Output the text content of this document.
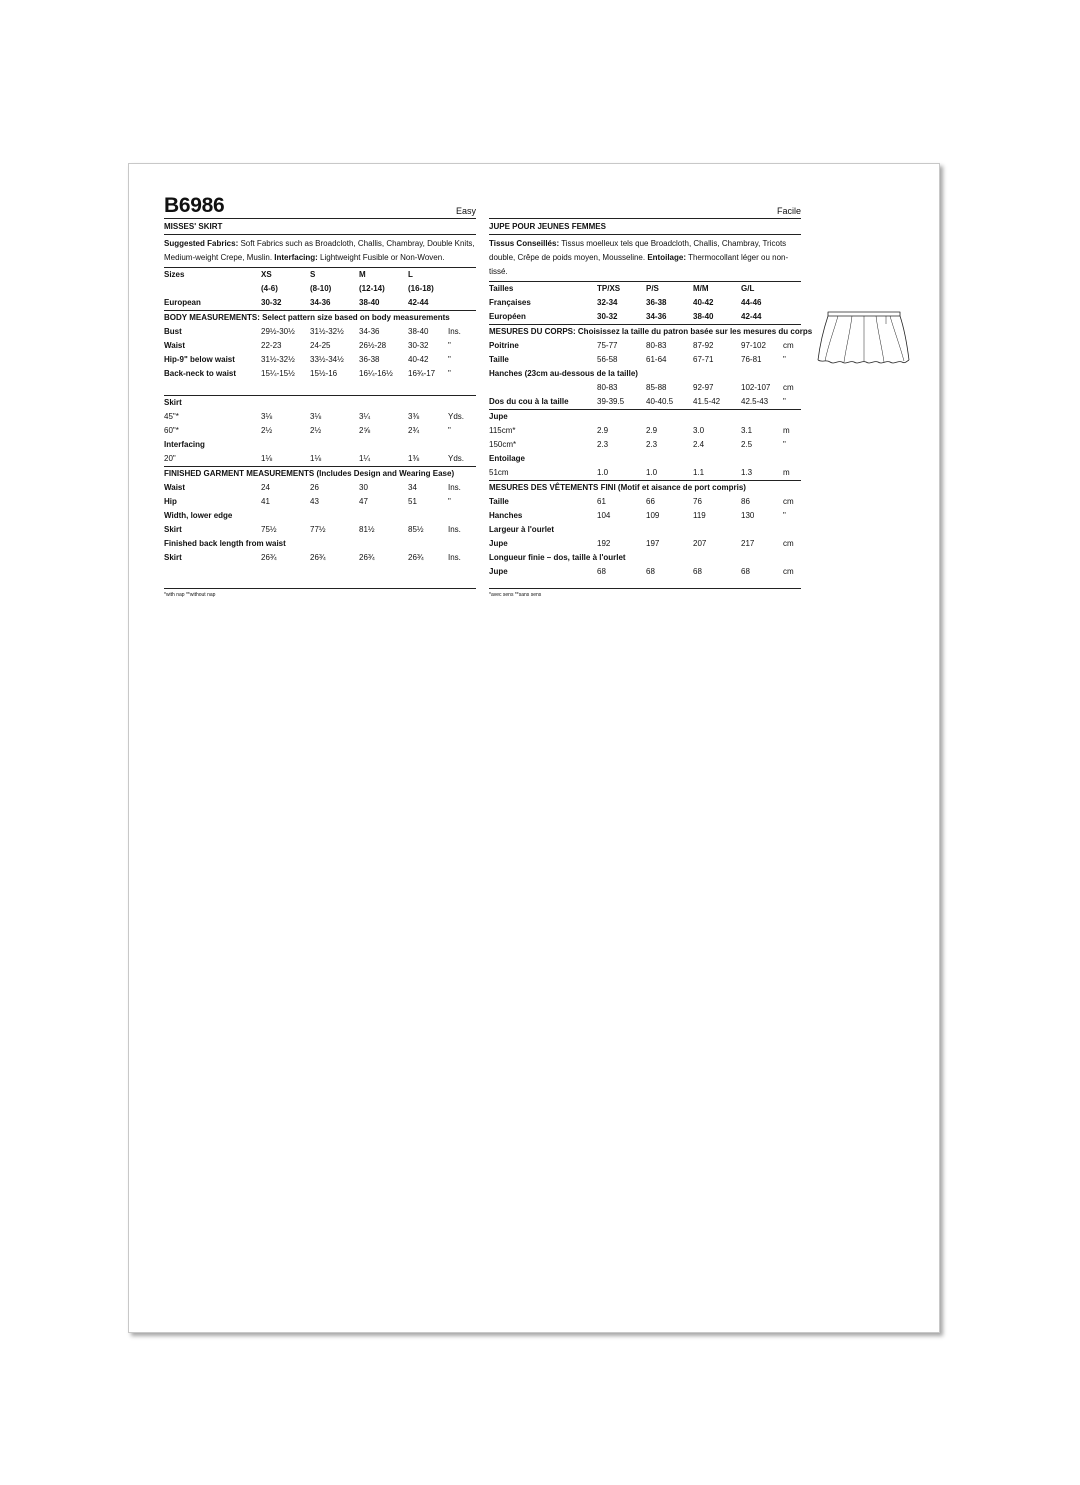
B6986	Easy
MISSES' SKIRT
Suggested Fabrics: Soft Fabrics such as Broadcloth, Challis, Chambray, Double Knits, Medium-weight Crepe, Muslin. Interfacing: Lightweight Fusible or Non-Woven.
Sizes	XS	S	M	L	
	(4-6)	(8-10)	(12-14)	(16-18)	
European	30-32	34-36	38-40	42-44	
BODY MEASUREMENTS: Select pattern size based on body measurements					
Bust	29½-30½	31½-32½	34-36	38-40	Ins.
Waist	22-23	24-25	26½-28	30-32	"
Hip-9" below waist	31½-32½	33½-34½	36-38	40-42	"
Back-neck to waist	15¼-15½	15½-16	16¼-16½	16¾-17	"

Skirt					
45"*	3⅛	3⅛	3¼	3⅜	Yds.
60"*	2½	2½	2⅝	2¾	"
Interfacing					
20"	1⅛	1⅛	1¼	1⅜	Yds.
FINISHED GARMENT MEASUREMENTS (Includes Design and Wearing Ease)					
Waist	24	26	30	34	Ins.
Hip	41	43	47	51	"
Width, lower edge					
Skirt	75½	77½	81½	85½	Ins.
Finished back length from waist					
Skirt	26¾	26¾	26¾	26¾	Ins.
*with nap **without nap
Facile
JUPE POUR JEUNES FEMMES
Tissus Conseillés: Tissus moelleux tels que Broadcloth, Challis, Chambray, Tricots double, Crêpe de poids moyen, Mousseline. Entoilage: Thermocollant léger ou non-tissé.
Tailles	TP/XS	P/S	M/M	G/L	
Françaises	32-34	36-38	40-42	44-46	
Européen	30-32	34-36	38-40	42-44	
MESURES DU CORPS: Choisissez la taille du patron basée sur les mesures du corps					
Poitrine	75-77	80-83	87-92	97-102	cm
Taille	56-58	61-64	67-71	76-81	"
Hanches (23cm au-dessous de la taille)					
	80-83	85-88	92-97	102-107	cm
Dos du cou à la taille	39-39.5	40-40.5	41.5-42	42.5-43	"
Jupe					
115cm*	2.9	2.9	3.0	3.1	m
150cm*	2.3	2.3	2.4	2.5	"
Entoilage					
51cm	1.0	1.0	1.1	1.3	m
MESURES DES VÊTEMENTS FINI (Motif et aisance de port compris)					
Taille	61	66	76	86	cm
Hanches	104	109	119	130	"
Largeur à l'ourlet					
Jupe	192	197	207	217	cm
Longueur finie – dos, taille à l'ourlet					
Jupe	68	68	68	68	cm
*avec sens **sans sens
